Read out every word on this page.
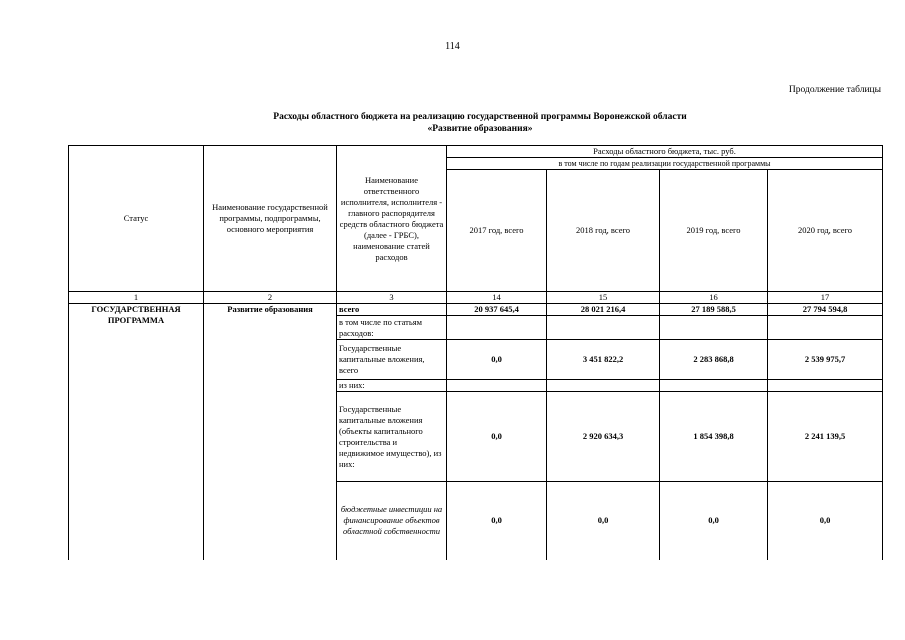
114
Продолжение таблицы
Расходы областного бюджета на реализацию государственной программы Воронежской области
«Развитие образования»
Статус	Наименование государственной программы, подпрограммы, основного мероприятия	Наименование ответственного исполнителя, исполнителя - главного распорядителя средств областного бюджета (далее - ГРБС), наименование статей расходов	Расходы областного бюджета, тыс. руб.			
			в том числе по годам реализации государственной программы			
			2017 год, всего	2018 год, всего	2019 год, всего	2020 год, всего
1	2	3	14	15	16	17
ГОСУДАРСТВЕННАЯ ПРОГРАММА	Развитие образования	всего	20 937 645,4	28 021 216,4	27 189 588,5	27 794 594,8
		в том числе по статьям расходов:				
		Государственные капитальные вложения, всего	0,0	3 451 822,2	2 283 868,8	2 539 975,7
		из них:				
		Государственные капитальные вложения (объекты капитального строительства и недвижимое имущество), из них:	0,0	2 920 634,3	1 854 398,8	2 241 139,5
		бюджетные инвестиции на финансирование объектов областной собственности	0,0	0,0	0,0	0,0
